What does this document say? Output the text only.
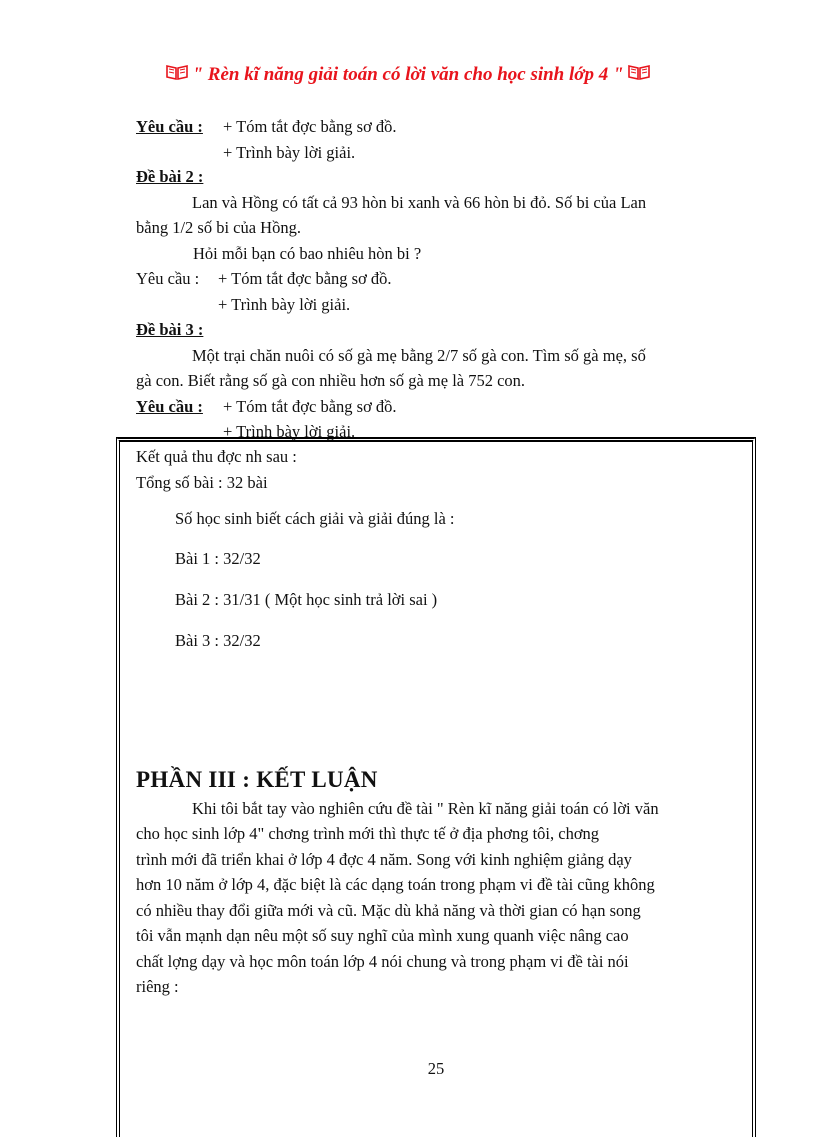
" Rèn kĩ năng giải toán có lời văn cho học sinh lớp 4 "
Yêu cầu : + Tóm tắt đợc bằng sơ đồ.
+ Trình bày lời giải.
Đề bài 2 :
Lan và Hồng có tất cả 93 hòn bi xanh và 66 hòn bi đỏ. Số bi của Lan
bằng 1/2 số bi của Hồng.
Hỏi mỗi bạn có bao nhiêu hòn bi ?
Yêu cầu : + Tóm tắt đợc bằng sơ đồ.
+ Trình bày lời giải.
Đề bài 3 :
Một trại chăn nuôi có số gà mẹ bằng 2/7 số gà con. Tìm số gà mẹ, số
gà con. Biết rằng số gà con nhiều hơn số gà mẹ là 752 con.
Yêu cầu : + Tóm tắt đợc bằng sơ đồ.
+ Trình bày lời giải.
Kết quả thu đợc nh sau :
Tổng số bài : 32 bài
Số học sinh biết cách giải và giải đúng là :
Bài 1 : 32/32
Bài 2 : 31/31 ( Một học sinh trả lời sai )
Bài 3 : 32/32
PHẦN III : KẾT LUẬN
Khi tôi bắt tay vào nghiên cứu đề tài " Rèn kĩ năng giải toán có lời văn
cho học sinh lớp 4" chơng trình mới thì thực tế ở địa phơng tôi, chơng
trình mới đã triển khai ở lớp 4 đợc 4 năm. Song với kinh nghiệm giảng dạy
hơn 10 năm ở lớp 4, đặc biệt là các dạng toán trong phạm vi đề tài cũng không
có nhiều thay đổi giữa mới và cũ. Mặc dù khả năng và thời gian có hạn song
tôi vẫn mạnh dạn nêu một số suy nghĩ của mình xung quanh việc nâng cao
chất lợng dạy và học môn toán lớp 4 nói chung và trong phạm vi đề tài nói
riêng :
25
